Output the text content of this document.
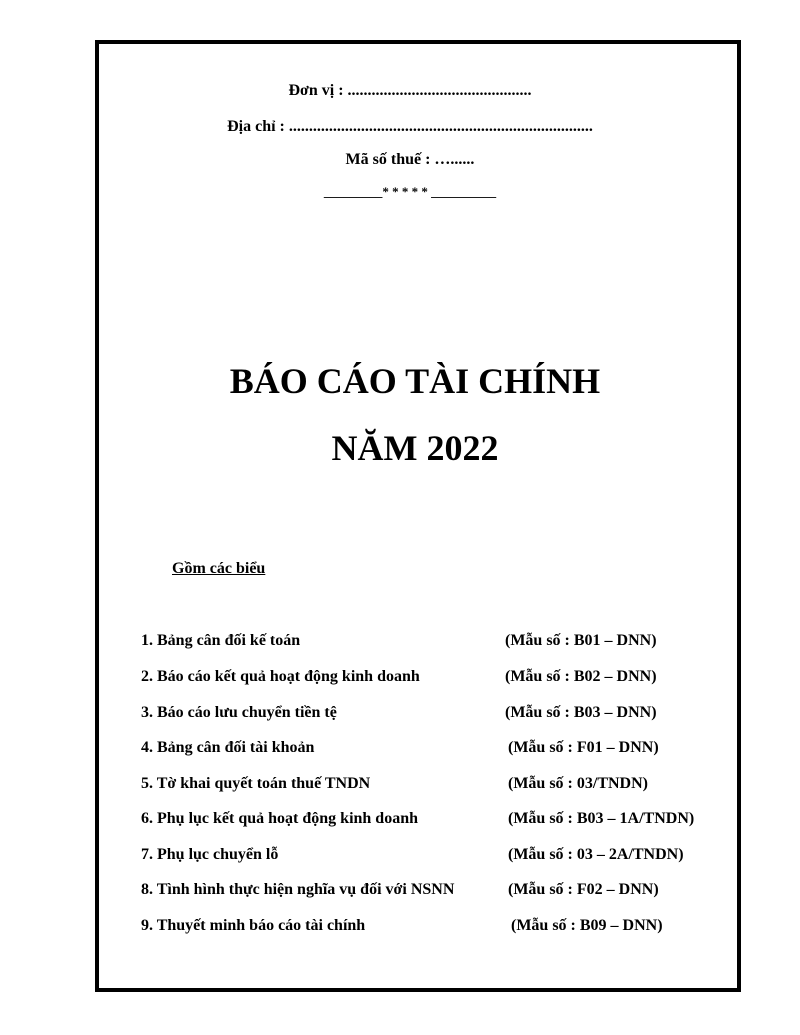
Đơn vị : ..............................................
Địa chỉ : ............................................................................
Mã số thuế : …......
_________* * * * * __________
BÁO CÁO TÀI CHÍNH
NĂM 2022
Gồm các biểu
1. Bảng cân đối kế toán	(Mẫu số : B01 – DNN)
2. Báo cáo kết quả hoạt động kinh doanh	(Mẫu số : B02 – DNN)
3. Báo cáo lưu chuyển tiền tệ	(Mẫu số : B03 – DNN)
4. Bảng cân đối tài khoản	(Mẫu số : F01 – DNN)
5. Tờ khai quyết toán thuế TNDN	(Mẫu số : 03/TNDN)
6. Phụ lục kết quả hoạt động kinh doanh	(Mẫu số : B03 – 1A/TNDN)
7. Phụ lục chuyển lỗ	(Mẫu số : 03 – 2A/TNDN)
8. Tình hình thực hiện nghĩa vụ đối với NSNN	(Mẫu số : F02 – DNN)
9. Thuyết minh báo cáo tài chính	(Mẫu số : B09 – DNN)
